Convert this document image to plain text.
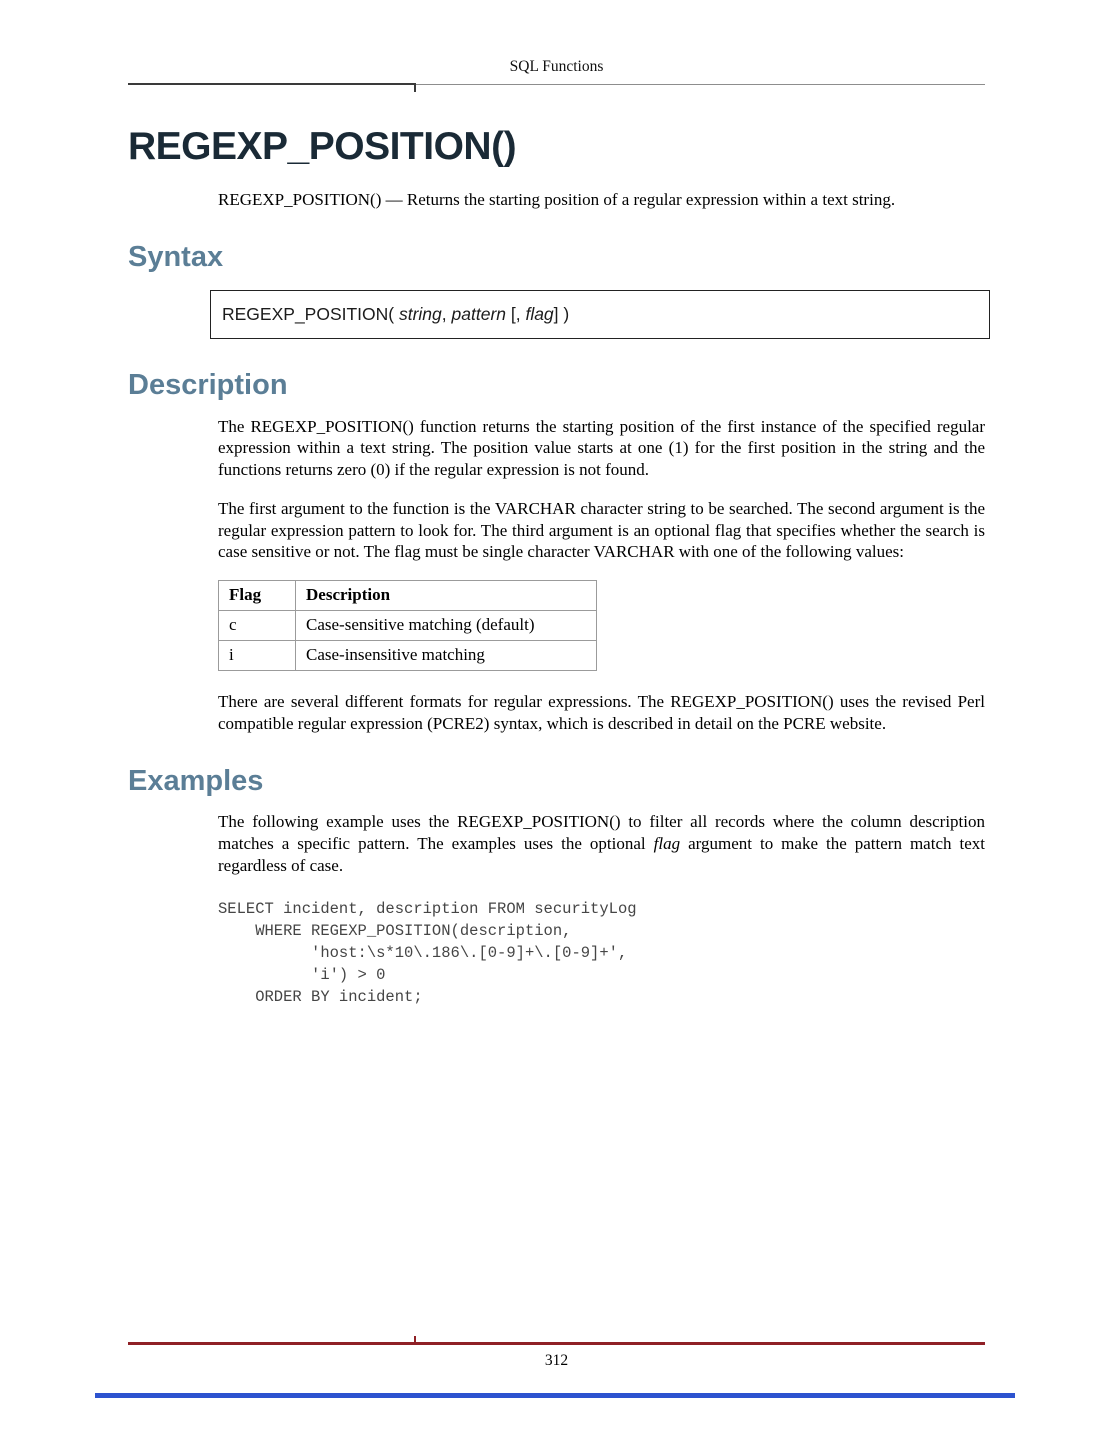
SQL Functions
REGEXP_POSITION()

REGEXP_POSITION() — Returns the starting position of a regular expression within a text string.

Syntax
REGEXP_POSITION( string, pattern [, flag] )
Description

The REGEXP_POSITION() function returns the starting position of the first instance of the specified regular expression within a text string. The position value starts at one (1) for the first position in the string and the functions returns zero (0) if the regular expression is not found.

The first argument to the function is the VARCHAR character string to be searched. The second argument is the regular expression pattern to look for. The third argument is an optional flag that specifies whether the search is case sensitive or not. The flag must be single character VARCHAR with one of the following values:

Flag	Description
c	Case-sensitive matching (default)
i	Case-insensitive matching

There are several different formats for regular expressions. The REGEXP_POSITION() uses the revised Perl compatible regular expression (PCRE2) syntax, which is described in detail on the PCRE website.

Examples

The following example uses the REGEXP_POSITION() to filter all records where the column description matches a specific pattern. The examples uses the optional flag argument to make the pattern match text regardless of case.

SELECT incident, description FROM securityLog
WHERE REGEXP_POSITION(description,
'host:\s*10\.186\.[0-9]+\.[0-9]+',
'i') > 0
ORDER BY incident;
312
